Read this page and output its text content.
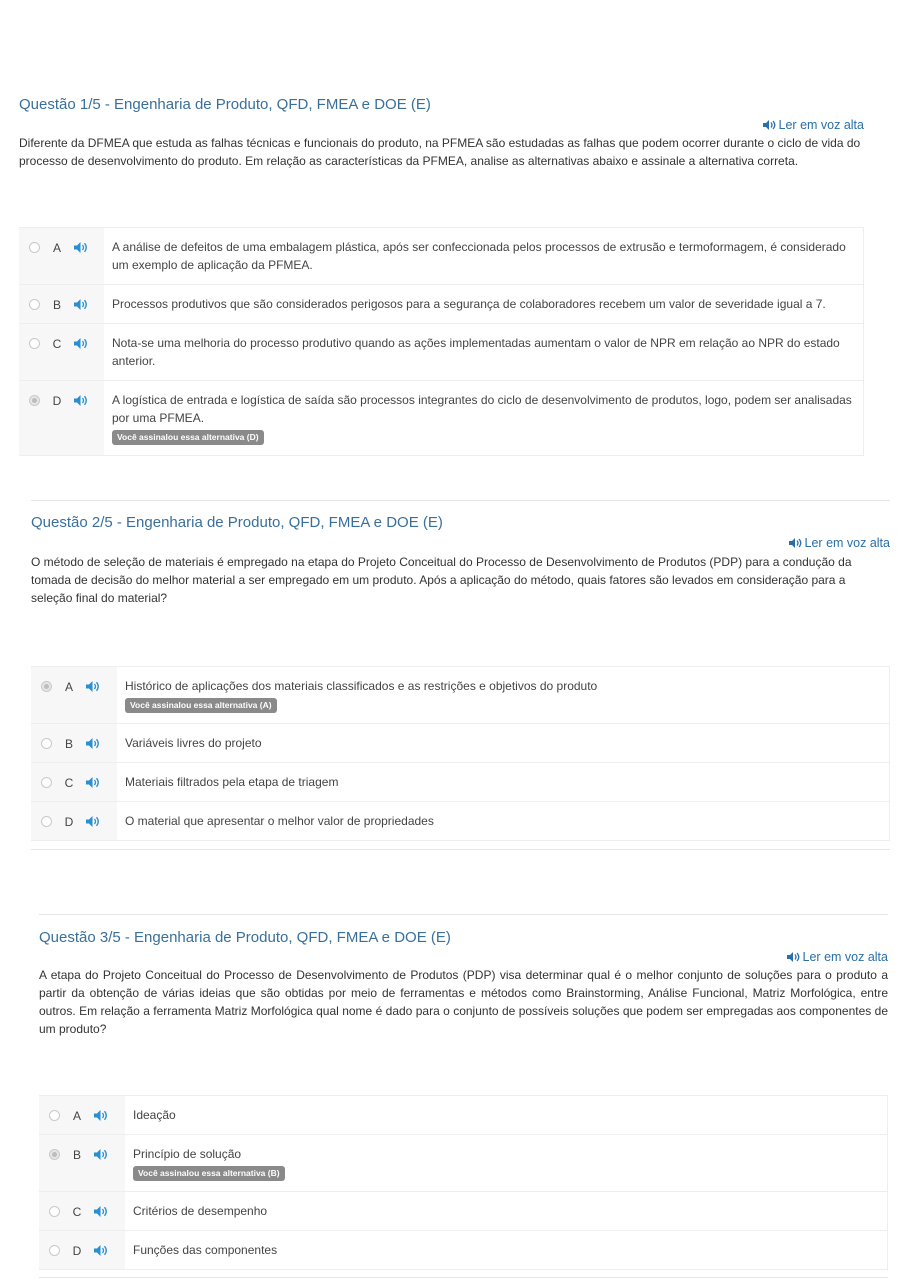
Questão 1/5 - Engenharia de Produto, QFD, FMEA e DOE (E)
Ler em voz alta
Diferente da DFMEA que estuda as falhas técnicas e funcionais do produto, na PFMEA são estudadas as falhas que podem ocorrer durante o ciclo de vida do processo de desenvolvimento do produto. Em relação as características da PFMEA, analise as alternativas abaixo e assinale a alternativa correta.
A	A análise de defeitos de uma embalagem plástica, após ser confeccionada pelos processos de extrusão e termoformagem, é considerado um exemplo de aplicação da PFMEA.
B	Processos produtivos que são considerados perigosos para a segurança de colaboradores recebem um valor de severidade igual a 7.
C	Nota-se uma melhoria do processo produtivo quando as ações implementadas aumentam o valor de NPR em relação ao NPR do estado anterior.
D	A logística de entrada e logística de saída são processos integrantes do ciclo de desenvolvimento de produtos, logo, podem ser analisadas por uma PFMEA.
Você assinalou essa alternativa (D)
Questão 2/5 - Engenharia de Produto, QFD, FMEA e DOE (E)
Ler em voz alta
O método de seleção de materiais é empregado na etapa do Projeto Conceitual do Processo de Desenvolvimento de Produtos (PDP) para a condução da tomada de decisão do melhor material a ser empregado em um produto. Após a aplicação do método, quais fatores são levados em consideração para a seleção final do material?
A	Histórico de aplicações dos materiais classificados e as restrições e objetivos do produto
Você assinalou essa alternativa (A)
B	Variáveis livres do projeto
C	Materiais filtrados pela etapa de triagem
D	O material que apresentar o melhor valor de propriedades
Questão 3/5 - Engenharia de Produto, QFD, FMEA e DOE (E)
Ler em voz alta
A etapa do Projeto Conceitual do Processo de Desenvolvimento de Produtos (PDP) visa determinar qual é o melhor conjunto de soluções para o produto a partir da obtenção de várias ideias que são obtidas por meio de ferramentas e métodos como Brainstorming, Análise Funcional, Matriz Morfológica, entre outros. Em relação a ferramenta Matriz Morfológica qual nome é dado para o conjunto de possíveis soluções que podem ser empregadas aos componentes de um produto?
A	Ideação
B	Princípio de solução
Você assinalou essa alternativa (B)
C	Critérios de desempenho
D	Funções das componentes
